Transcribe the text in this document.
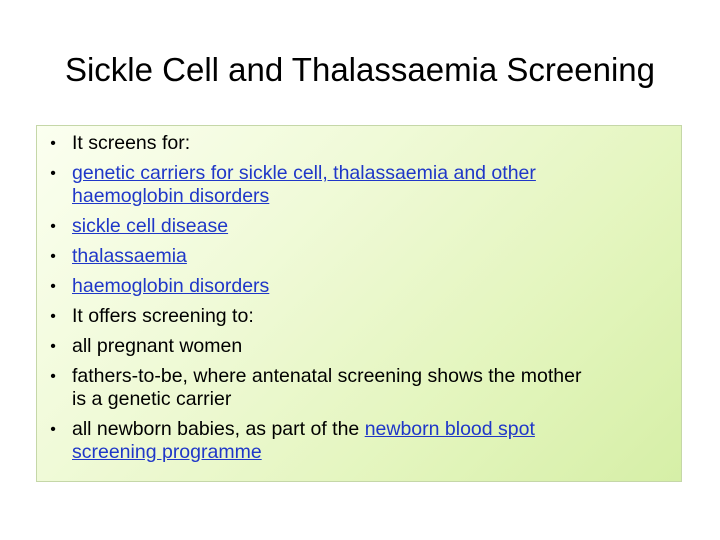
Sickle Cell and Thalassaemia Screening
• It screens for:
• genetic carriers for sickle cell, thalassaemia and other
haemoglobin disorders
• sickle cell disease
• thalassaemia
• haemoglobin disorders
• It offers screening to:
• all pregnant women
• fathers-to-be, where antenatal screening shows the mother
is a genetic carrier
• all newborn babies, as part of the newborn blood spot
screening programme
